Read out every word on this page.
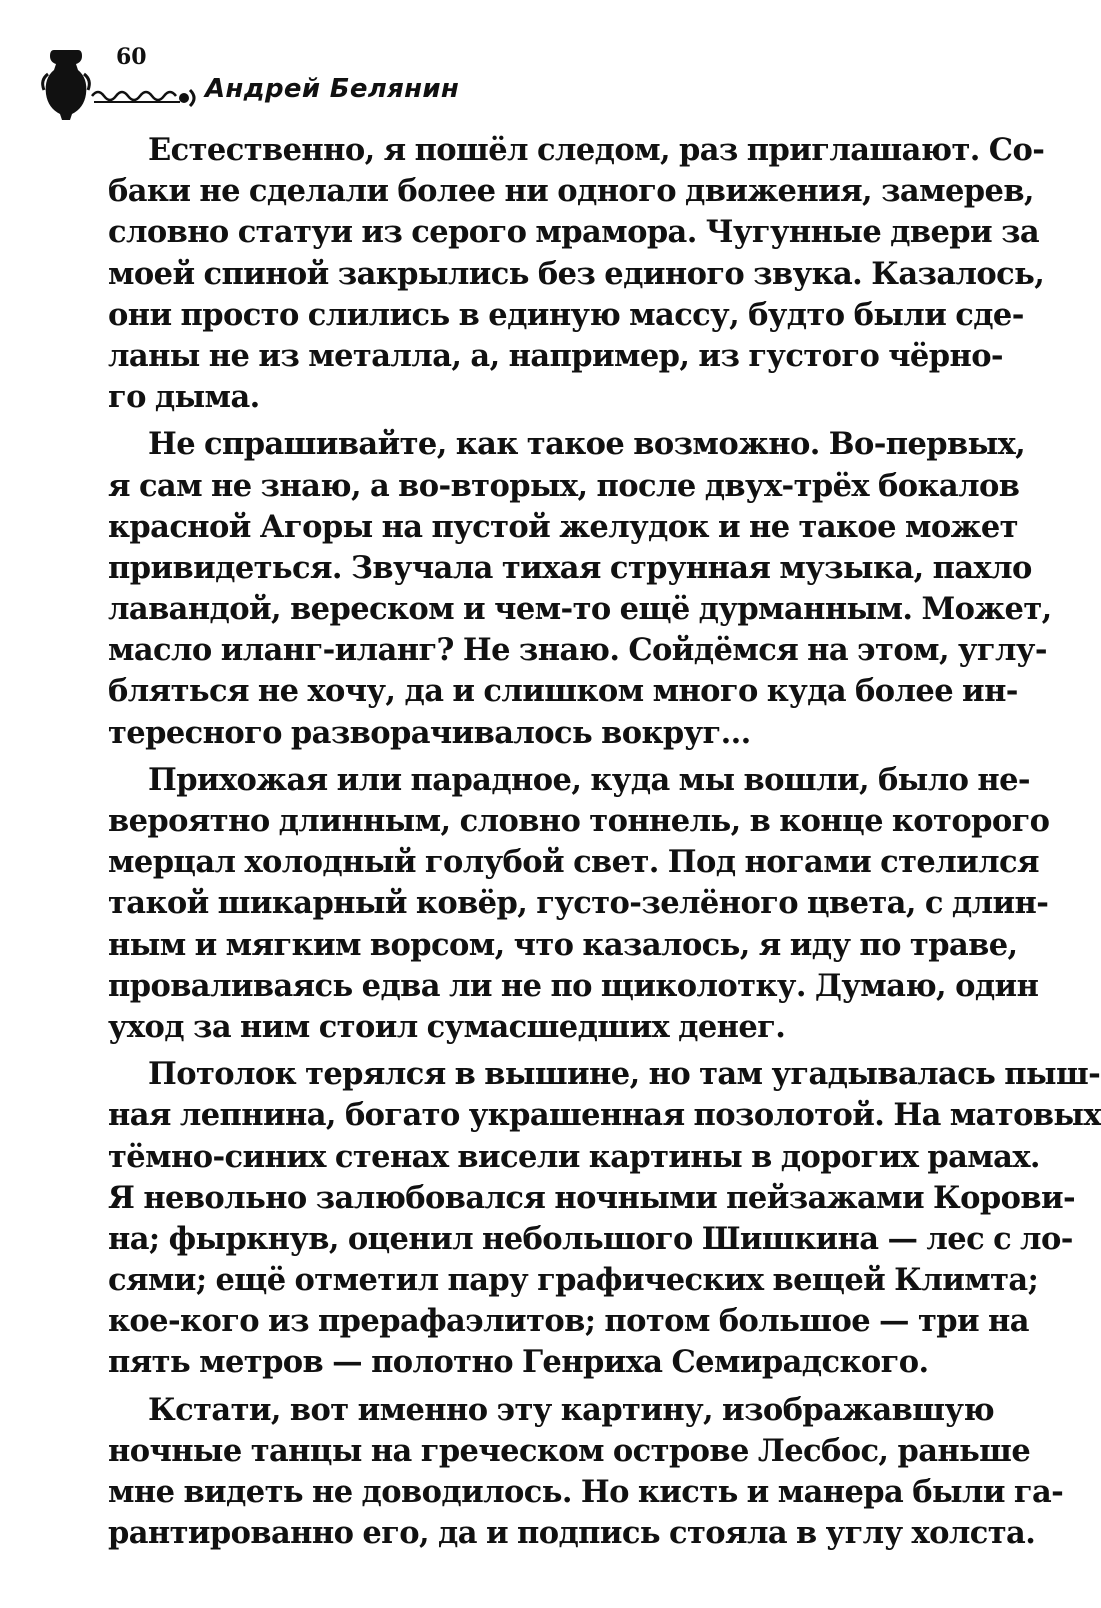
60
Андрей Белянин
Естественно, я пошёл следом, раз приглашают. Со-
баки не сделали более ни одного движения, замерев,
словно статуи из серого мрамора. Чугунные двери за
моей спиной закрылись без единого звука. Казалось,
они просто слились в единую массу, будто были сде-
ланы не из металла, а, например, из густого чёрно-
го дыма.
Не спрашивайте, как такое возможно. Во-первых,
я сам не знаю, а во-вторых, после двух-трёх бокалов
красной Агоры на пустой желудок и не такое может
привидеться. Звучала тихая струнная музыка, пахло
лавандой, вереском и чем-то ещё дурманным. Может,
масло иланг-иланг? Не знаю. Сойдёмся на этом, углу-
бляться не хочу, да и слишком много куда более ин-
тересного разворачивалось вокруг...
Прихожая или парадное, куда мы вошли, было не-
вероятно длинным, словно тоннель, в конце которого
мерцал холодный голубой свет. Под ногами стелился
такой шикарный ковёр, густо-зелёного цвета, с длин-
ным и мягким ворсом, что казалось, я иду по траве,
проваливаясь едва ли не по щиколотку. Думаю, один
уход за ним стоил сумасшедших денег.
Потолок терялся в вышине, но там угадывалась пыш-
ная лепнина, богато украшенная позолотой. На матовых
тёмно-синих стенах висели картины в дорогих рамах.
Я невольно залюбовался ночными пейзажами Корови-
на; фыркнув, оценил небольшого Шишкина — лес с ло-
сями; ещё отметил пару графических вещей Климта;
кое-кого из прерафаэлитов; потом большое — три на
пять метров — полотно Генриха Семирадского.
Кстати, вот именно эту картину, изображавшую
ночные танцы на греческом острове Лесбос, раньше
мне видеть не доводилось. Но кисть и манера были га-
рантированно его, да и подпись стояла в углу холста.
